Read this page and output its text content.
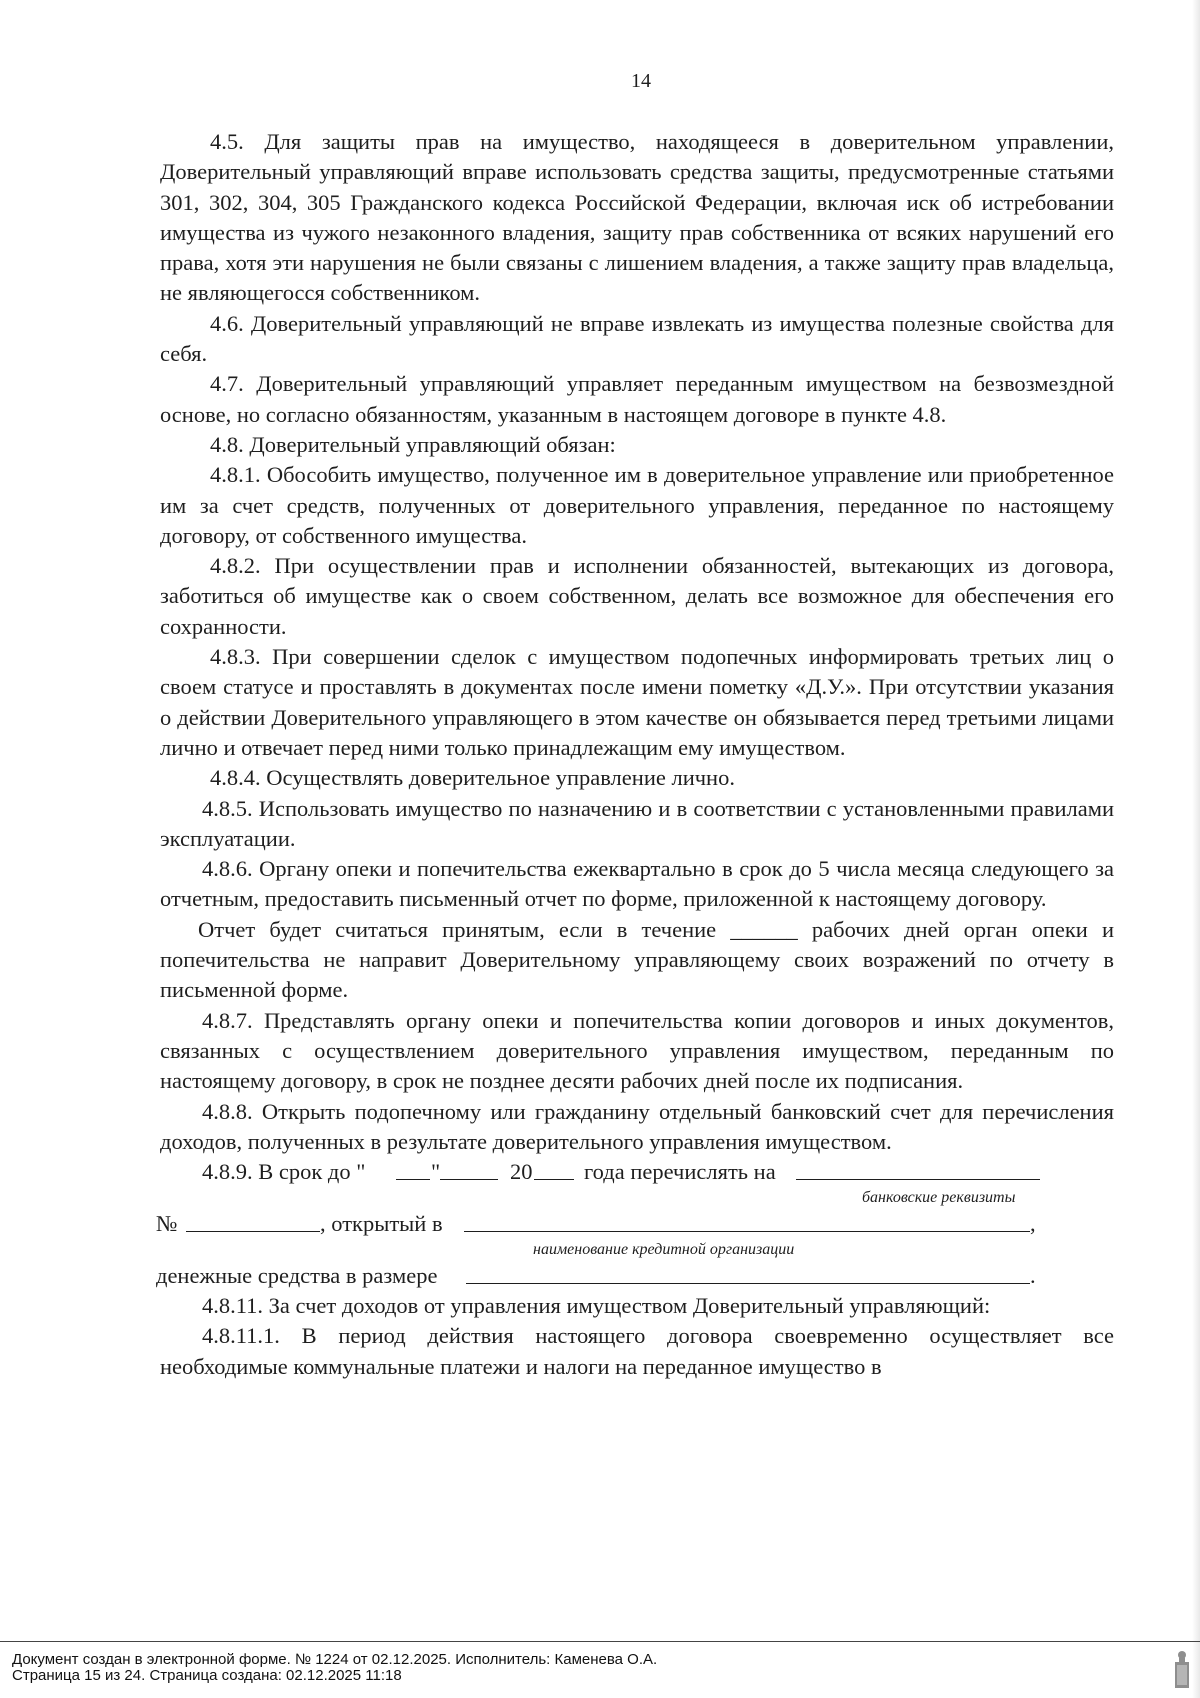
14

4.5. Для защиты прав на имущество, находящееся в доверительном управлении, Доверительный управляющий вправе использовать средства защиты, предусмотренные статьями 301, 302, 304, 305 Гражданского кодекса Российской Федерации, включая иск об истребовании имущества из чужого незаконного владения, защиту прав собственника от всяких нарушений его права, хотя эти нарушения не были связаны с лишением владения, а также защиту прав владельца, не являющегосся собственником.

4.6. Доверительный управляющий не вправе извлекать из имущества полезные свойства для себя.

4.7. Доверительный управляющий управляет переданным имуществом на безвозмездной основе, но согласно обязанностям, указанным в настоящем договоре в пункте 4.8.

4.8. Доверительный управляющий обязан:

4.8.1. Обособить имущество, полученное им в доверительное управление или приобретенное им за счет средств, полученных от доверительного управления, переданное по настоящему договору, от собственного имущества.

4.8.2. При осуществлении прав и исполнении обязанностей, вытекающих из договора, заботиться об имуществе как о своем собственном, делать все возможное для обеспечения его сохранности.

4.8.3. При совершении сделок с имуществом подопечных информировать третьих лиц о своем статусе и проставлять в документах после имени пометку «Д.У.». При отсутствии указания о действии Доверительного управляющего в этом качестве он обязывается перед третьими лицами лично и отвечает перед ними только принадлежащим ему имуществом.

4.8.4. Осуществлять доверительное управление лично.

4.8.5. Использовать имущество по назначению и в соответствии с установленными правилами эксплуатации.

4.8.6. Органу опеки и попечительства ежеквартально в срок до 5 числа месяца следующего за отчетным, предоставить письменный отчет по форме, приложенной к настоящему договору.

Отчет будет считаться принятым, если в течение ______ рабочих дней орган опеки и попечительства не направит Доверительному управляющему своих возражений по отчету в письменной форме.

4.8.7. Представлять органу опеки и попечительства копии договоров и иных документов, связанных с осуществлением доверительного управления имуществом, переданным по настоящему договору, в срок не позднее десяти рабочих дней после их подписания.

4.8.8. Открыть подопечному или гражданину отдельный банковский счет для перечисления доходов, полученных в результате доверительного управления имуществом.

4.8.9. В срок до "	"	20 года перечислять на
банковские реквизиты
№	, открытый в	,
наименование кредитной организации
денежные средства в размере	.

4.8.11. За счет доходов от управления имуществом Доверительный управляющий:

4.8.11.1. В период действия настоящего договора своевременно осуществляет все необходимые коммунальные платежи и налоги на переданное имущество в

Документ создан в электронной форме. № 1224 от 02.12.2025. Исполнитель: Каменева О.А.
Страница 15 из 24. Страница создана: 02.12.2025 11:18
